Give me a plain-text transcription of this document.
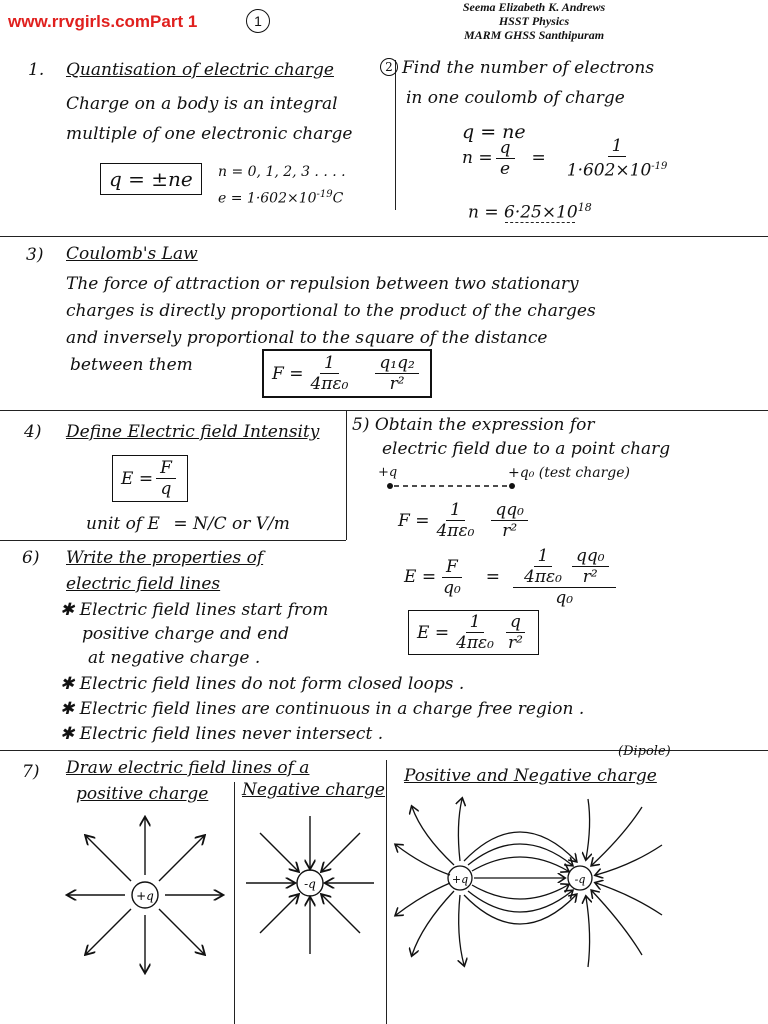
www.rrvgirls.comPart 1	1
Seema Elizabeth K. Andrews
HSST Physics
MARM GHSS Santhipuram
1. Quantisation of electric charge
Charge on a body is an integral
multiple of one electronic charge
q = ±ne	n = 0, 1, 2, 3 . . . .
$e = 1\cdot 602\times 10^{-19}C$
2 Find the number of electrons
in one coulomb of charge
q = ne
$n = \frac{q}{e} = \frac{1}{1\cdot 602\times 10^{-19}}$
$n = 6\cdot 25\times 10^{18}$
3) Coulomb's Law
The force of attraction or repulsion between two stationary
charges is directly proportional to the product of the charges
and inversely proportional to the square of the distance
between them	$F = \frac{1}{\text{4πε₀}} \frac{\text{q₁q₂}}{\text{r²}}$
4) Define Electric field Intensity
$E = \frac{F}{q}$
unit of E = N/C or V/m
5) Obtain the expression for
electric field due to a point charg
+q	+q₀ (test charge)
$F = \frac{1}{\text{4πε₀}} \frac{\text{qq₀}}{\text{r²}}$
$E = \frac{F}{\text{q₀}} = \frac{\frac{1}{\text{4πε₀}} \frac{\text{qq₀}}{\text{r²}}}{\text{q₀}}$
$E = \frac{1}{\text{4πε₀}} \frac{q}{\text{r²}}$
6) Write the properties of
electric field lines
✱ Electric field lines start from
positive charge and end
at negative charge .
✱ Electric field lines do not form closed loops .
✱ Electric field lines are continuous in a charge free region .
✱ Electric field lines never intersect .
7) Draw electric field lines of a
positive charge Negative charge
Positive and Negative charge
(Dipole)
+q
-q	+q	-q
